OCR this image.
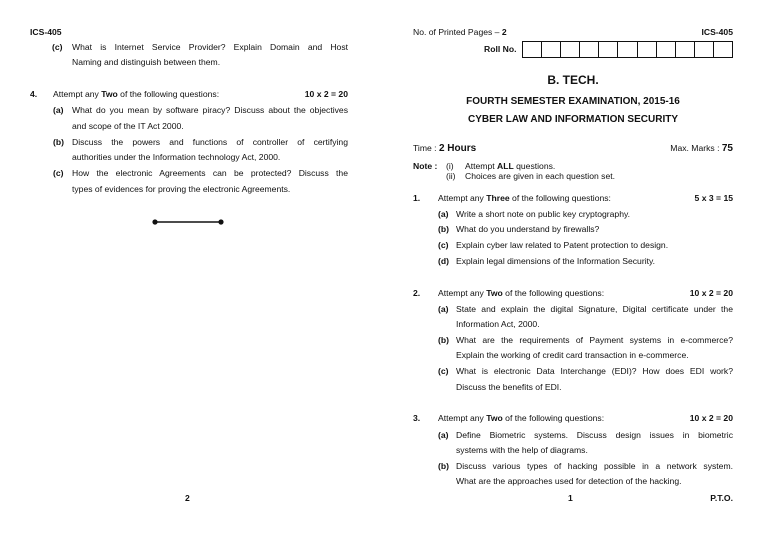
ICS-405
(c) What is Internet Service Provider? Explain Domain and Host
Naming and distinguish between them.
4. Attempt any Two of the following questions:	10 x 2 = 20
(a) What do you mean by software piracy? Discuss about the objectives
and scope of the IT Act 2000.
(b) Discuss the powers and functions of controller of certifying
authorities under the Information technology Act, 2000.
(c) How the electronic Agreements can be protected? Discuss the
types of evidences for proving the electronic Agreements.
2
No. of Printed Pages – 2	ICS-405
Roll No.
B. TECH.
FOURTH SEMESTER EXAMINATION, 2015-16
CYBER LAW AND INFORMATION SECURITY
Time : 2 Hours	Max. Marks : 75
Note : (i) Attempt ALL questions.
(ii) Choices are given in each question set.
1. Attempt any Three of the following questions:	5 x 3 = 15
(a) Write a short note on public key cryptography.
(b) What do you understand by firewalls?
(c) Explain cyber law related to Patent protection to design.
(d) Explain legal dimensions of the Information Security.
2. Attempt any Two of the following questions:	10 x 2 = 20
(a) State and explain the digital Signature, Digital certificate under the
Information Act, 2000.
(b) What are the requirements of Payment systems in e-commerce?
Explain the working of credit card transaction in e-commerce.
(c) What is electronic Data Interchange (EDI)? How does EDI work?
Discuss the benefits of EDI.
3. Attempt any Two of the following questions:	10 x 2 = 20
(a) Define Biometric systems. Discuss design issues in biometric
systems with the help of diagrams.
(b) Discuss various types of hacking possible in a network system.
What are the approaches used for detection of the hacking.
1	P.T.O.
